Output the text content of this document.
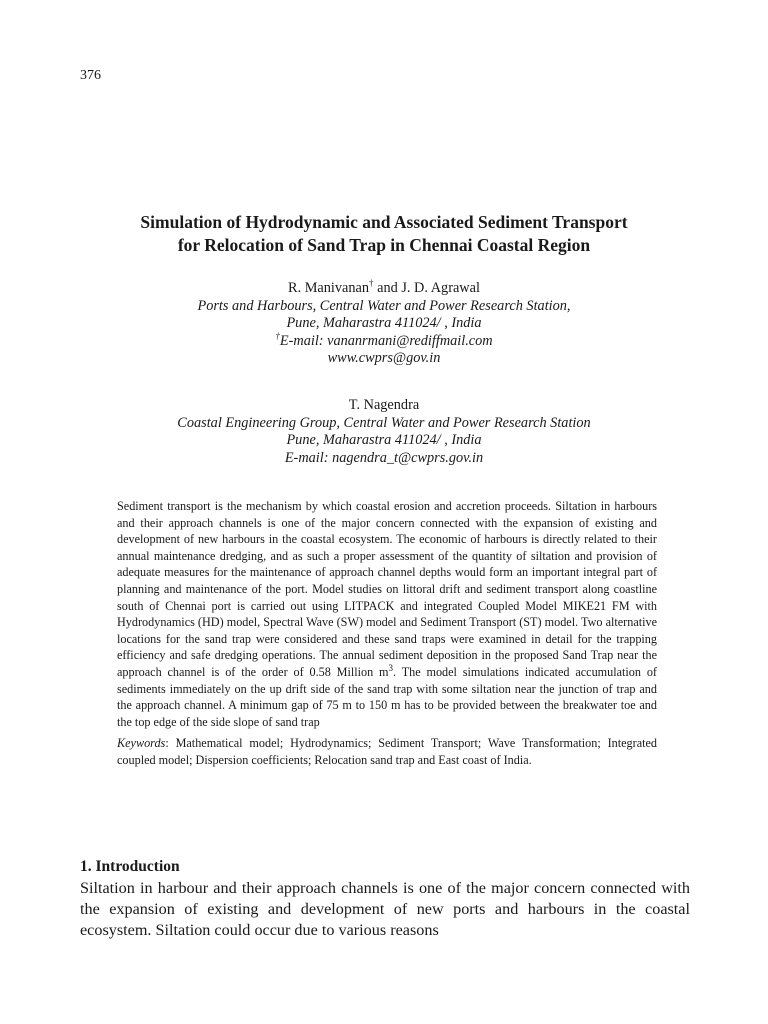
376
Simulation of Hydrodynamic and Associated Sediment Transport
for Relocation of Sand Trap in Chennai Coastal Region
R. Manivanan† and J. D. Agrawal
Ports and Harbours, Central Water and Power Research Station,
Pune, Maharastra 411024/ , India
†E-mail: vananrmani@rediffmail.com
www.cwprs@gov.in
T. Nagendra
Coastal Engineering Group, Central Water and Power Research Station
Pune, Maharastra 411024/ , India
E-mail: nagendra_t@cwprs.gov.in

Sediment transport is the mechanism by which coastal erosion and accretion proceeds. Siltation in harbours and their approach channels is one of the major concern connected with the expansion of existing and development of new harbours in the coastal ecosystem. The economic of harbours is directly related to their annual maintenance dredging, and as such a proper assessment of the quantity of siltation and provision of adequate measures for the maintenance of approach channel depths would form an important integral part of planning and maintenance of the port. Model studies on littoral drift and sediment transport along coastline south of Chennai port is carried out using LITPACK and integrated Coupled Model MIKE21 FM with Hydrodynamics (HD) model, Spectral Wave (SW) model and Sediment Transport (ST) model. Two alternative locations for the sand trap were considered and these sand traps were examined in detail for the trapping efficiency and safe dredging operations. The annual sediment deposition in the proposed Sand Trap near the approach channel is of the order of 0.58 Million $m^3$. The model simulations indicated accumulation of sediments immediately on the up drift side of the sand trap with some siltation near the junction of trap and the approach channel. A minimum gap of 75 m to 150 m has to be provided between the breakwater toe and the top edge of the side slope of sand trap

Keywords: Mathematical model; Hydrodynamics; Sediment Transport; Wave Transformation; Integrated coupled model; Dispersion coefficients; Relocation sand trap and East coast of India.

1. Introduction

Siltation in harbour and their approach channels is one of the major concern connected with the expansion of existing and development of new ports and harbours in the coastal ecosystem. Siltation could occur due to various reasons
